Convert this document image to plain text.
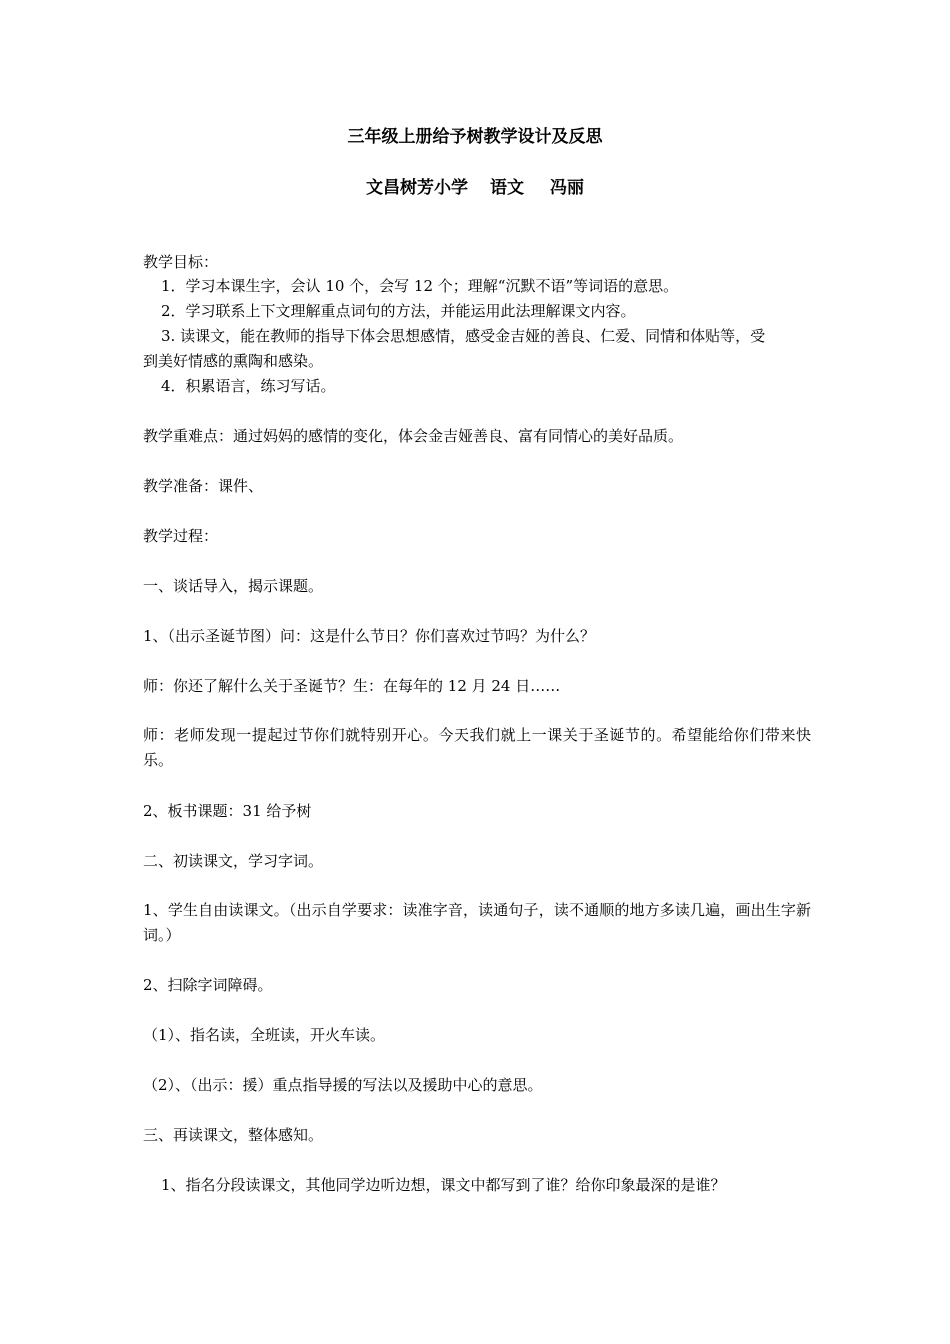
三年级上册给予树教学设计及反思
文昌树芳小学 语文 冯丽
教学目标：
1．学习本课生字，会认 10 个，会写 12 个；理解“沉默不语”等词语的意思。
2．学习联系上下文理解重点词句的方法，并能运用此法理解课文内容。
3. 读课文，能在教师的指导下体会思想感情，感受金吉娅的善良、仁爱、同情和体贴等，受
到美好情感的熏陶和感染。
4．积累语言，练习写话。
教学重难点：通过妈妈的感情的变化，体会金吉娅善良、富有同情心的美好品质。
教学准备：课件、
教学过程：
一、谈话导入，揭示课题。
1、（出示圣诞节图）问：这是什么节日？你们喜欢过节吗？为什么？
师：你还了解什么关于圣诞节？生：在每年的 12 月 24 日……
师：老师发现一提起过节你们就特别开心。今天我们就上一课关于圣诞节的。希望能给你们带来快乐。
2、板书课题：31 给予树
二、初读课文，学习字词。
1、学生自由读课文。（出示自学要求：读准字音，读通句子，读不通顺的地方多读几遍，画出生字新词。）
2、扫除字词障碍。
（1）、指名读，全班读，开火车读。
（2）、（出示：援）重点指导援的写法以及援助中心的意思。
三、再读课文，整体感知。
1、指名分段读课文，其他同学边听边想，课文中都写到了谁？给你印象最深的是谁？
